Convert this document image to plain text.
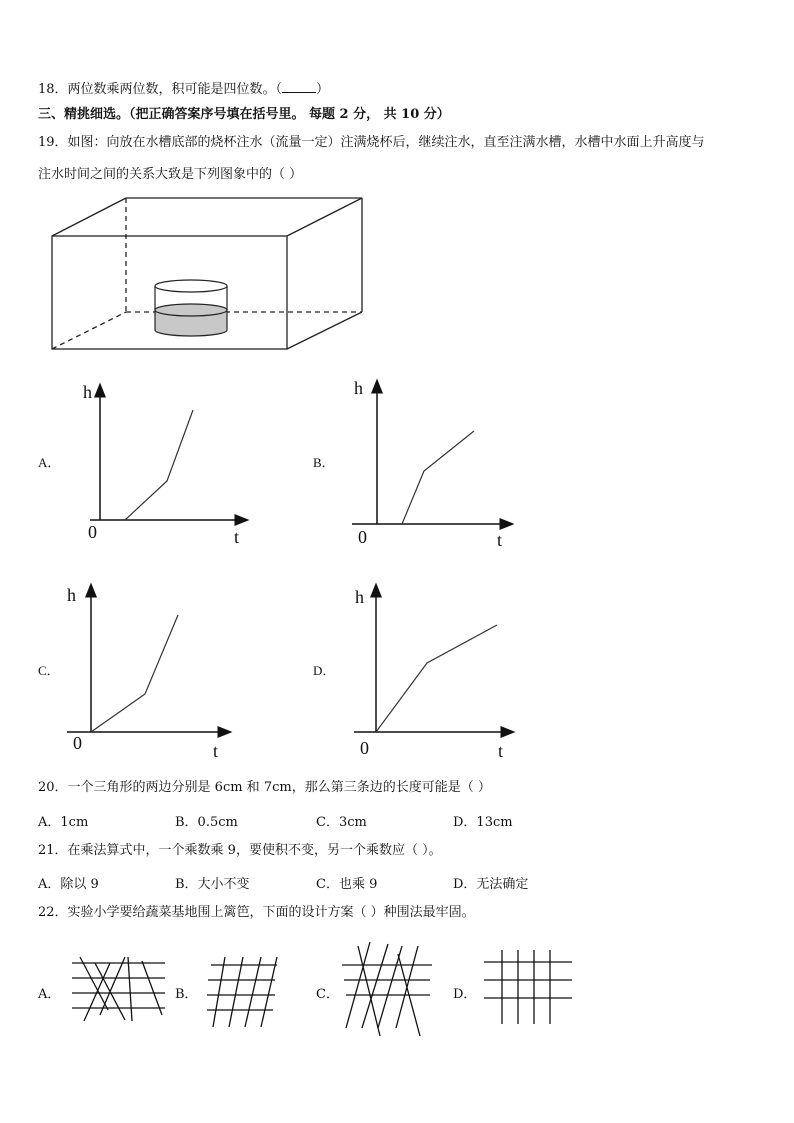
18．两位数乘两位数，积可能是四位数。（	）
三、精挑细选。（把正确答案序号填在括号里。 每题 2 分， 共 10 分）
19．如图：向放在水槽底部的烧杯注水（流量一定）注满烧杯后，继续注水，直至注满水槽，水槽中水面上升高度与
注水时间之间的关系大致是下列图象中的（ ）
A．
h
t
0
B．
h
t
0
C．
h
t
0
D．
h
t
0
20．一个三角形的两边分别是 6cm 和 7cm，那么第三条边的长度可能是（ ）
A．1cm	B．0.5cm	C．3cm	D．13cm
21．在乘法算式中，一个乘数乘 9，要使积不变，另一个乘数应（ ）。
A．除以 9	B．大小不变	C．也乘 9	D．无法确定
22．实验小学要给蔬菜基地围上篱笆，下面的设计方案（ ）种围法最牢固。
A．	B．	C．	D．
